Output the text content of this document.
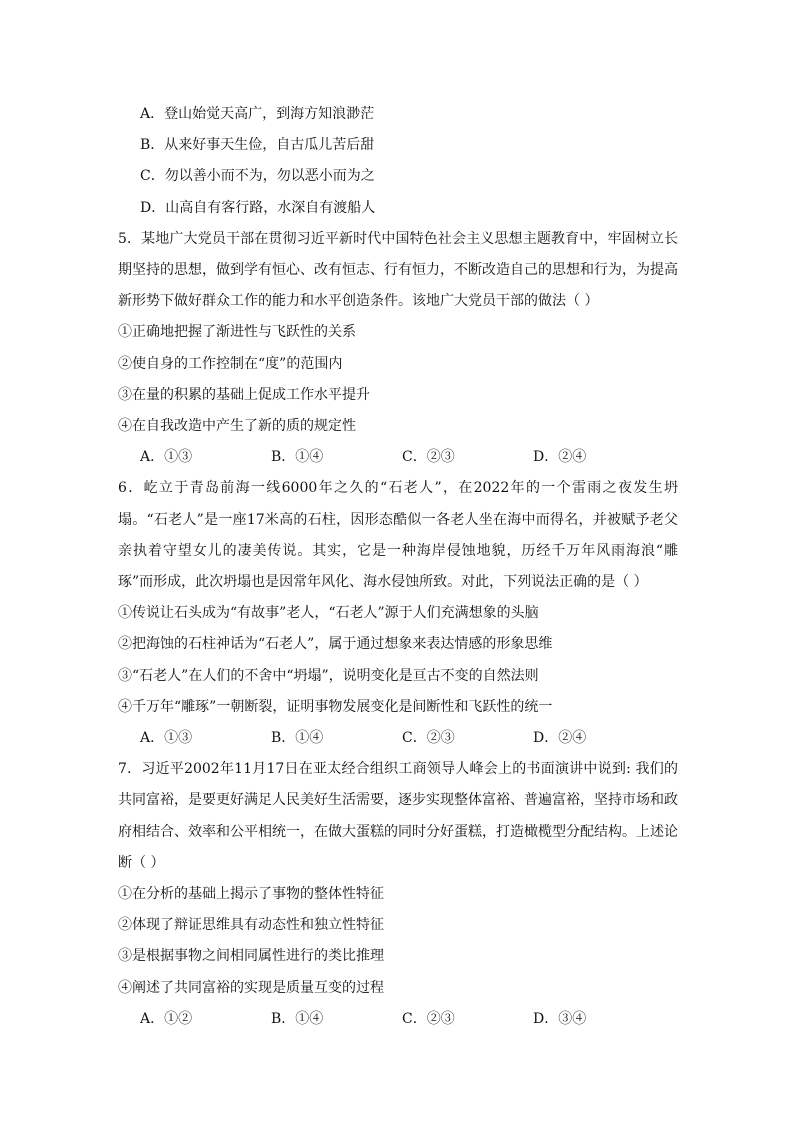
A．登山始觉天高广，到海方知浪渺茫

B．从来好事天生俭，自古瓜儿苦后甜

C．勿以善小而不为，勿以恶小而为之

D．山高自有客行路，水深自有渡船人

5．某地广大党员干部在贯彻习近平新时代中国特色社会主义思想主题教育中，牢固树立长期坚持的思想，做到学有恒心、改有恒志、行有恒力，不断改造自己的思想和行为，为提高新形势下做好群众工作的能力和水平创造条件。该地广大党员干部的做法（ ）

①正确地把握了渐进性与飞跃性的关系

②使自身的工作控制在“度”的范围内

③在量的积累的基础上促成工作水平提升

④在自我改造中产生了新的质的规定性

A．①③	B．①④	C．②③	D．②④

6．屹立于青岛前海一线6000年之久的“石老人”，在2022年的一个雷雨之夜发生坍塌。“石老人”是一座17米高的石柱，因形态酷似一各老人坐在海中而得名，并被赋予老父亲执着守望女儿的凄美传说。其实，它是一种海岸侵蚀地貌，历经千万年风雨海浪“雕琢”而形成，此次坍塌也是因常年风化、海水侵蚀所致。对此，下列说法正确的是（ ）

①传说让石头成为“有故事”老人，“石老人”源于人们充满想象的头脑

②把海蚀的石柱神话为“石老人”，属于通过想象来表达情感的形象思维

③“石老人”在人们的不舍中“坍塌”，说明变化是亘古不变的自然法则

④千万年“雕琢”一朝断裂，证明事物发展变化是间断性和飞跃性的统一

A．①③	B．①④	C．②③	D．②④

7．习近平2002年11月17日在亚太经合组织工商领导人峰会上的书面演讲中说到: 我们的共同富裕，是要更好满足人民美好生活需要，逐步实现整体富裕、普遍富裕，坚持市场和政府相结合、效率和公平相统一，在做大蛋糕的同时分好蛋糕，打造橄榄型分配结构。上述论断（ ）

①在分析的基础上揭示了事物的整体性特征

②体现了辩证思维具有动态性和独立性特征

③是根据事物之间相同属性进行的类比推理

④阐述了共同富裕的实现是质量互变的过程

A．①②	B．①④	C．②③	D．③④
